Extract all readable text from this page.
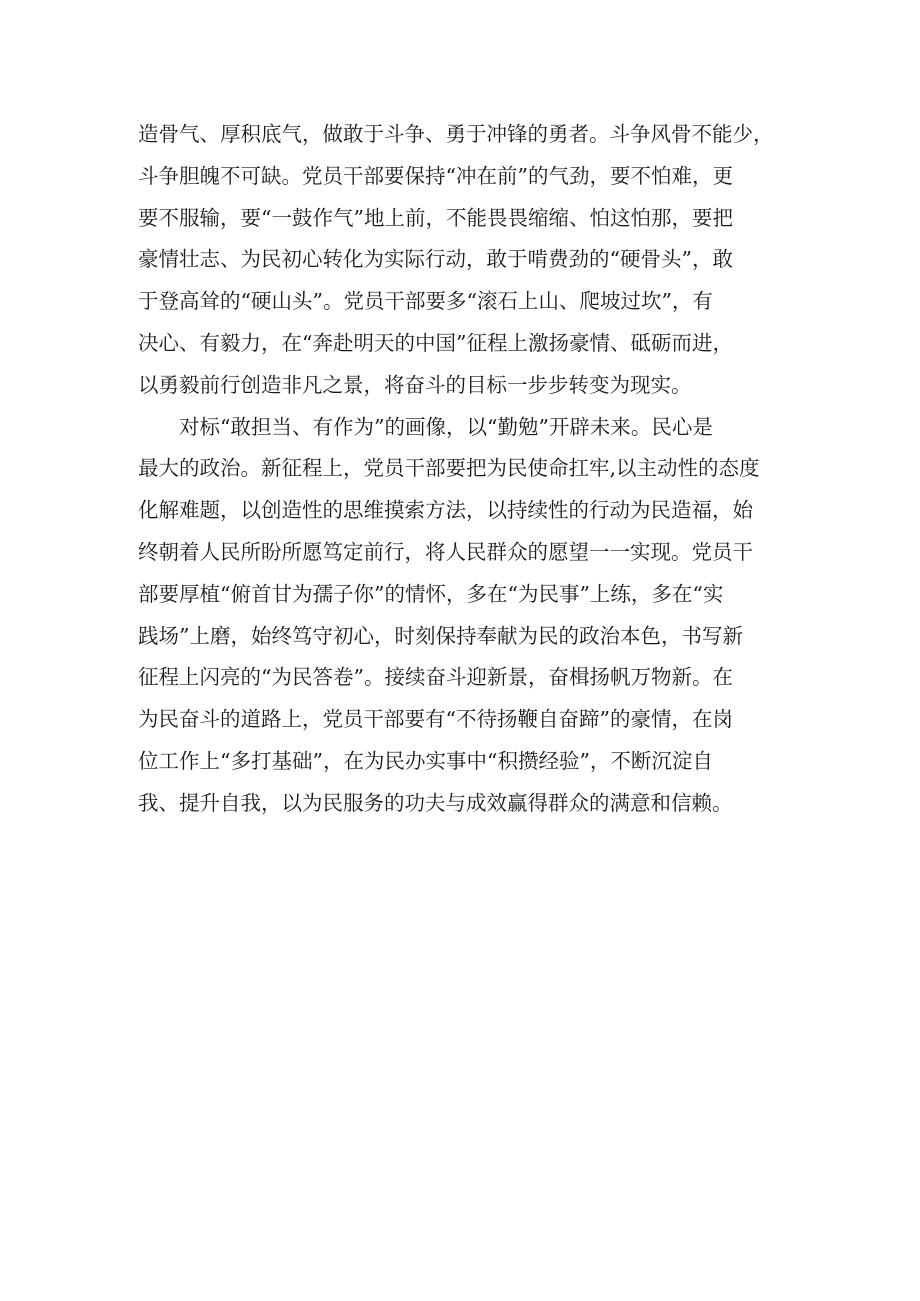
造骨气、厚积底气，做敢于斗争、勇于冲锋的勇者。斗争风骨不能少，
斗争胆魄不可缺。党员干部要保持“冲在前”的气劲，要不怕难，更
要不服输，要“一鼓作气”地上前，不能畏畏缩缩、怕这怕那，要把
豪情壮志、为民初心转化为实际行动，敢于啃费劲的“硬骨头”，敢
于登高耸的“硬山头”。党员干部要多“滚石上山、爬坡过坎”，有
决心、有毅力，在“奔赴明天的中国”征程上激扬豪情、砥砺而进，
以勇毅前行创造非凡之景，将奋斗的目标一步步转变为现实。
　　对标“敢担当、有作为”的画像，以“勤勉”开辟未来。民心是
最大的政治。新征程上，党员干部要把为民使命扛牢,以主动性的态度
化解难题，以创造性的思维摸索方法，以持续性的行动为民造福，始
终朝着人民所盼所愿笃定前行，将人民群众的愿望一一实现。党员干
部要厚植“俯首甘为孺子你”的情怀，多在“为民事”上练，多在“实
践场”上磨，始终笃守初心，时刻保持奉献为民的政治本色，书写新
征程上闪亮的“为民答卷”。接续奋斗迎新景，奋楫扬帆万物新。在
为民奋斗的道路上，党员干部要有“不待扬鞭自奋蹄”的豪情，在岗
位工作上“多打基础”，在为民办实事中“积攒经验”，不断沉淀自
我、提升自我，以为民服务的功夫与成效赢得群众的满意和信赖。
